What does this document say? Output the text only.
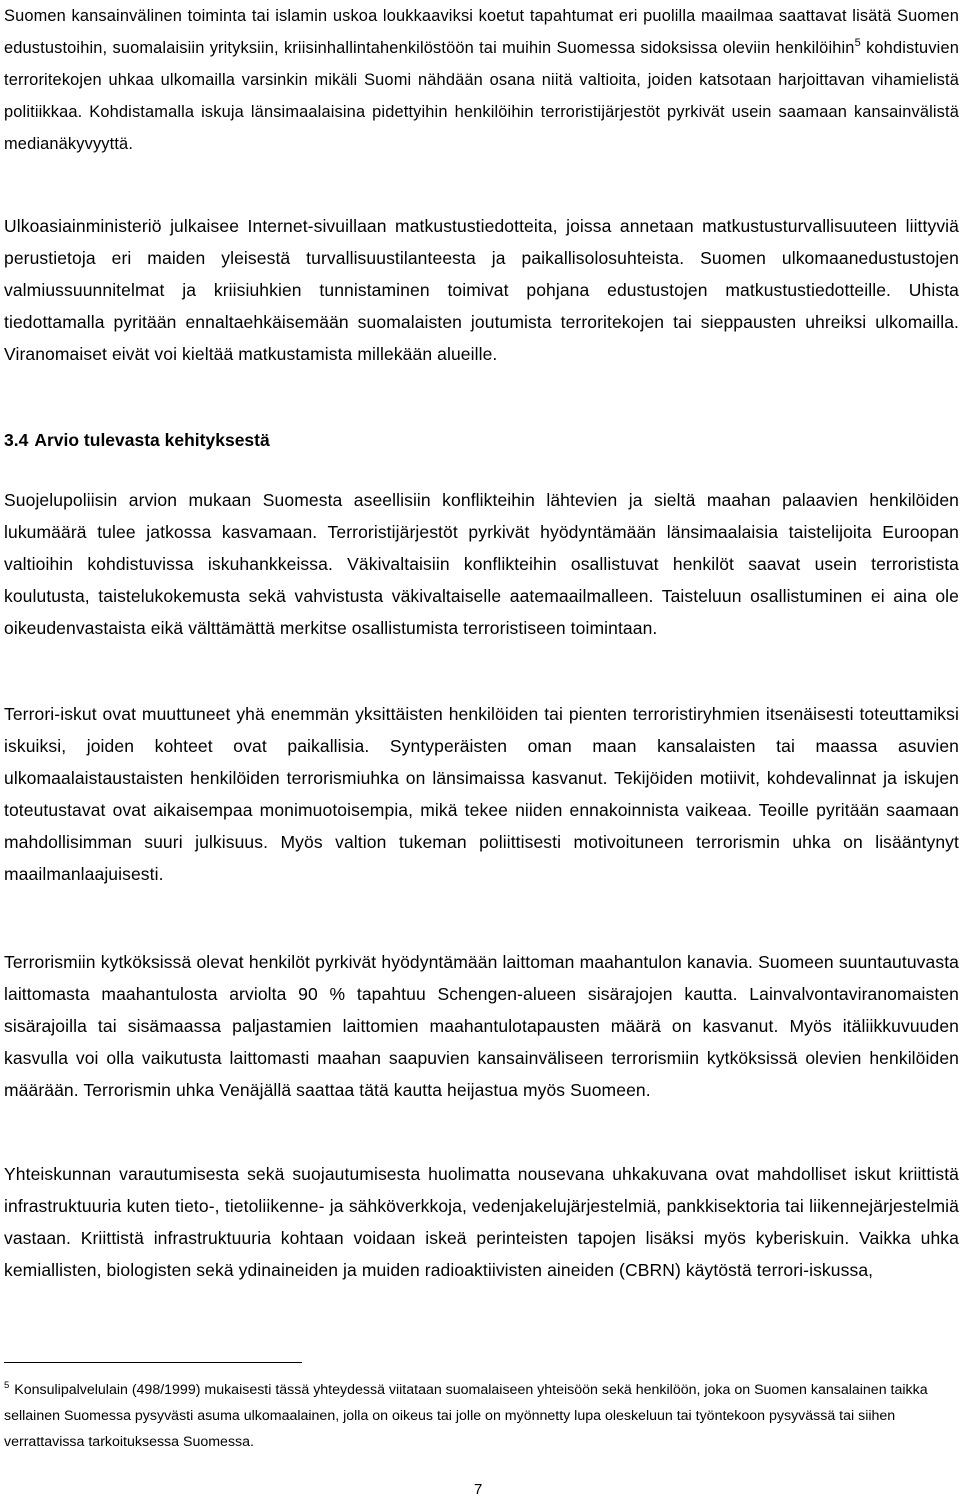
Suomen kansainvälinen toiminta tai islamin uskoa loukkaaviksi koetut tapahtumat eri puolilla maailmaa saattavat lisätä Suomen edustustoihin, suomalaisiin yrityksiin, kriisinhallintahenkilöstöön tai muihin Suomessa sidoksissa oleviin henkilöihin$^5$ kohdistuvien terroritekojen uhkaa ulkomailla varsinkin mikäli Suomi nähdään osana niitä valtioita, joiden katsotaan harjoittavan vihamielistä politiikkaa. Kohdistamalla iskuja länsimaalaisina pidettyihin henkilöihin terroristijärjestöt pyrkivät usein saamaan kansainvälistä medianäkyvyyttä.

Ulkoasiainministeriö julkaisee Internet-sivuillaan matkustustiedotteita, joissa annetaan matkustusturvallisuuteen liittyviä perustietoja eri maiden yleisestä turvallisuustilanteesta ja paikallisolosuhteista. Suomen ulkomaanedustustojen valmiussuunnitelmat ja kriisiuhkien tunnistaminen toimivat pohjana edustustojen matkustustiedotteille. Uhista tiedottamalla pyritään ennaltaehkäisemään suomalaisten joutumista terroritekojen tai sieppausten uhreiksi ulkomailla. Viranomaiset eivät voi kieltää matkustamista millekään alueille.

3.4 Arvio tulevasta kehityksestä

Suojelupoliisin arvion mukaan Suomesta aseellisiin konflikteihin lähtevien ja sieltä maahan palaavien henkilöiden lukumäärä tulee jatkossa kasvamaan. Terroristijärjestöt pyrkivät hyödyntämään länsimaalaisia taistelijoita Euroopan valtioihin kohdistuvissa iskuhankkeissa. Väkivaltaisiin konflikteihin osallistuvat henkilöt saavat usein terroristista koulutusta, taistelukokemusta sekä vahvistusta väkivaltaiselle aatemaailmalleen. Taisteluun osallistuminen ei aina ole oikeudenvastaista eikä välttämättä merkitse osallistumista terroristiseen toimintaan.

Terrori-iskut ovat muuttuneet yhä enemmän yksittäisten henkilöiden tai pienten terroristiryhmien itsenäisesti toteuttamiksi iskuiksi, joiden kohteet ovat paikallisia. Syntyperäisten oman maan kansalaisten tai maassa asuvien ulkomaalaistaustaisten henkilöiden terrorismiuhka on länsimaissa kasvanut. Tekijöiden motiivit, kohdevalinnat ja iskujen toteutustavat ovat aikaisempaa monimuotoisempia, mikä tekee niiden ennakoinnista vaikeaa. Teoille pyritään saamaan mahdollisimman suuri julkisuus. Myös valtion tukeman poliittisesti motivoituneen terrorismin uhka on lisääntynyt maailmanlaajuisesti.

Terrorismiin kytköksissä olevat henkilöt pyrkivät hyödyntämään laittoman maahantulon kanavia. Suomeen suuntautuvasta laittomasta maahantulosta arviolta 90 % tapahtuu Schengen-alueen sisärajojen kautta. Lainvalvontaviranomaisten sisärajoilla tai sisämaassa paljastamien laittomien maahantulotapausten määrä on kasvanut. Myös itäliikkuvuuden kasvulla voi olla vaikutusta laittomasti maahan saapuvien kansainväliseen terrorismiin kytköksissä olevien henkilöiden määrään. Terrorismin uhka Venäjällä saattaa tätä kautta heijastua myös Suomeen.

Yhteiskunnan varautumisesta sekä suojautumisesta huolimatta nousevana uhkakuvana ovat mahdolliset iskut kriittistä infrastruktuuria kuten tieto-, tietoliikenne- ja sähköverkkoja, vedenjakelujärjestelmiä, pankkisektoria tai liikennejärjestelmiä vastaan. Kriittistä infrastruktuuria kohtaan voidaan iskeä perinteisten tapojen lisäksi myös kyberiskuin. Vaikka uhka kemiallisten, biologisten sekä ydinaineiden ja muiden radioaktiivisten aineiden (CBRN) käytöstä terrori-iskussa,

$^5$ Konsulipalvelulain (498/1999) mukaisesti tässä yhteydessä viitataan suomalaiseen yhteisöön sekä henkilöön, joka on Suomen kansalainen taikka sellainen Suomessa pysyvästi asuma ulkomaalainen, jolla on oikeus tai jolle on myönnetty lupa oleskeluun tai työntekoon pysyvässä tai siihen verrattavissa tarkoituksessa Suomessa.

7
